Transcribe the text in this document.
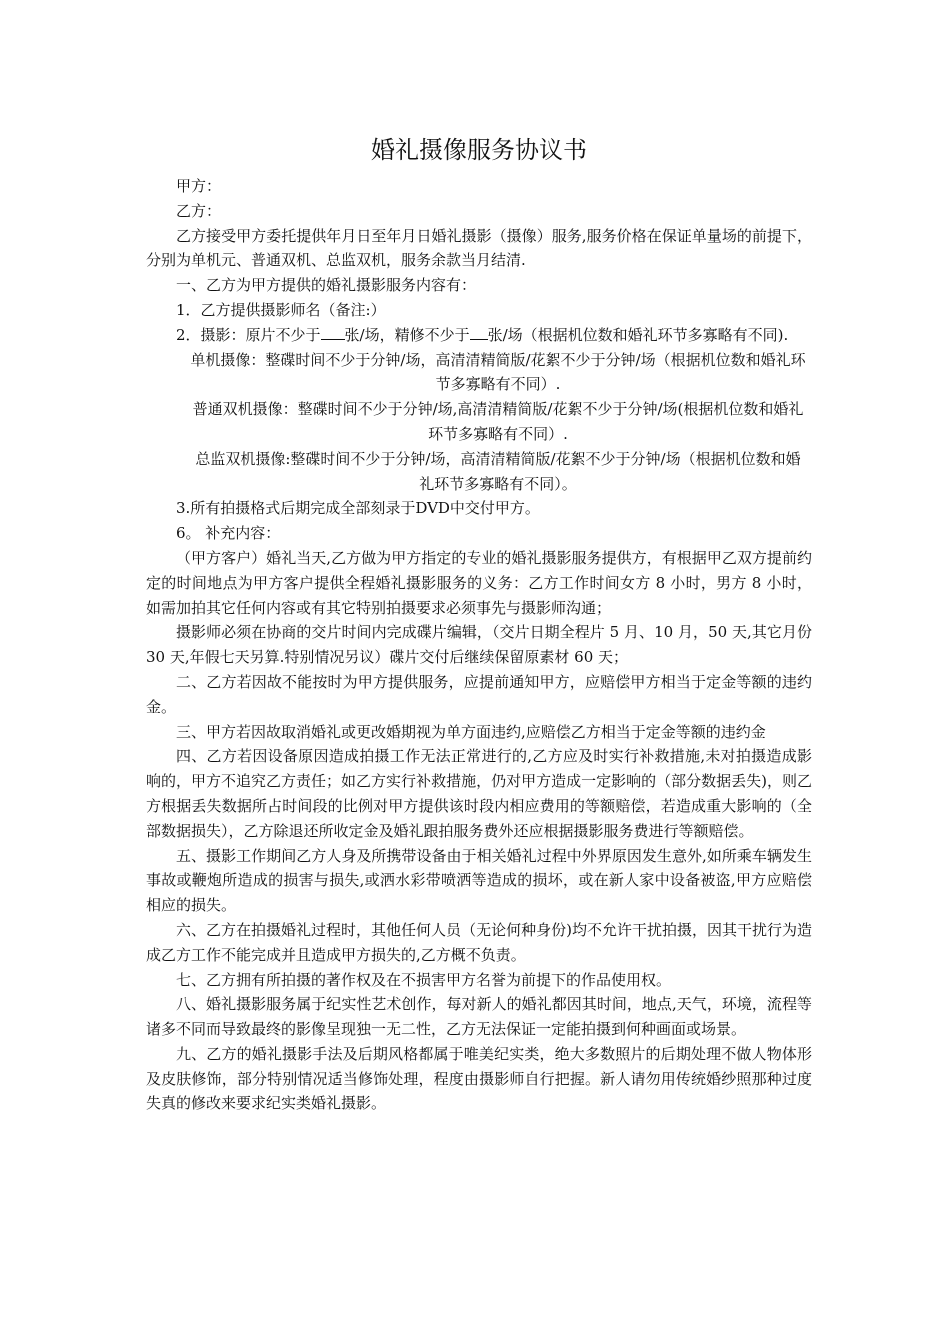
婚礼摄像服务协议书

甲方：

乙方：

乙方接受甲方委托提供年月日至年月日婚礼摄影（摄像）服务,服务价格在保证单量场的前提下，分别为单机元、普通双机、总监双机，服务余款当月结清.

一、乙方为甲方提供的婚礼摄影服务内容有：

1．乙方提供摄影师名（备注:）

2．摄影：原片不少于 张/场，精修不少于 张/场（根据机位数和婚礼环节多寡略有不同).

单机摄像：整碟时间不少于分钟/场，高清清精简版/花絮不少于分钟/场（根据机位数和婚礼环节多寡略有不同）.

普通双机摄像：整碟时间不少于分钟/场,高清清精简版/花絮不少于分钟/场(根据机位数和婚礼环节多寡略有不同）.

总监双机摄像:整碟时间不少于分钟/场，高清清精简版/花絮不少于分钟/场（根据机位数和婚礼环节多寡略有不同）。

3.所有拍摄格式后期完成全部刻录于DVD中交付甲方。

6。 补充内容：

（甲方客户）婚礼当天,乙方做为甲方指定的专业的婚礼摄影服务提供方，有根据甲乙双方提前约定的时间地点为甲方客户提供全程婚礼摄影服务的义务：乙方工作时间女方 8 小时，男方 8 小时，如需加拍其它任何内容或有其它特别拍摄要求必须事先与摄影师沟通；

摄影师必须在协商的交片时间内完成碟片编辑，（交片日期全程片 5 月、10 月，50 天,其它月份 30 天,年假七天另算.特别情况另议）碟片交付后继续保留原素材 60 天；

二、乙方若因故不能按时为甲方提供服务，应提前通知甲方，应赔偿甲方相当于定金等额的违约金。

三、甲方若因故取消婚礼或更改婚期视为单方面违约,应赔偿乙方相当于定金等额的违约金

四、乙方若因设备原因造成拍摄工作无法正常进行的,乙方应及时实行补救措施,未对拍摄造成影响的，甲方不追究乙方责任；如乙方实行补救措施，仍对甲方造成一定影响的（部分数据丢失)，则乙方根据丢失数据所占时间段的比例对甲方提供该时段内相应费用的等额赔偿，若造成重大影响的（全部数据损失），乙方除退还所收定金及婚礼跟拍服务费外还应根据摄影服务费进行等额赔偿。

五、摄影工作期间乙方人身及所携带设备由于相关婚礼过程中外界原因发生意外,如所乘车辆发生事故或鞭炮所造成的损害与损失,或洒水彩带喷洒等造成的损坏，或在新人家中设备被盗,甲方应赔偿相应的损失。

六、乙方在拍摄婚礼过程时，其他任何人员（无论何种身份)均不允许干扰拍摄，因其干扰行为造成乙方工作不能完成并且造成甲方损失的,乙方概不负责。

七、乙方拥有所拍摄的著作权及在不损害甲方名誉为前提下的作品使用权。

八、婚礼摄影服务属于纪实性艺术创作，每对新人的婚礼都因其时间，地点,天气，环境，流程等诸多不同而导致最终的影像呈现独一无二性，乙方无法保证一定能拍摄到何种画面或场景。

九、乙方的婚礼摄影手法及后期风格都属于唯美纪实类，绝大多数照片的后期处理不做人物体形及皮肤修饰，部分特别情况适当修饰处理，程度由摄影师自行把握。新人请勿用传统婚纱照那种过度失真的修改来要求纪实类婚礼摄影。
